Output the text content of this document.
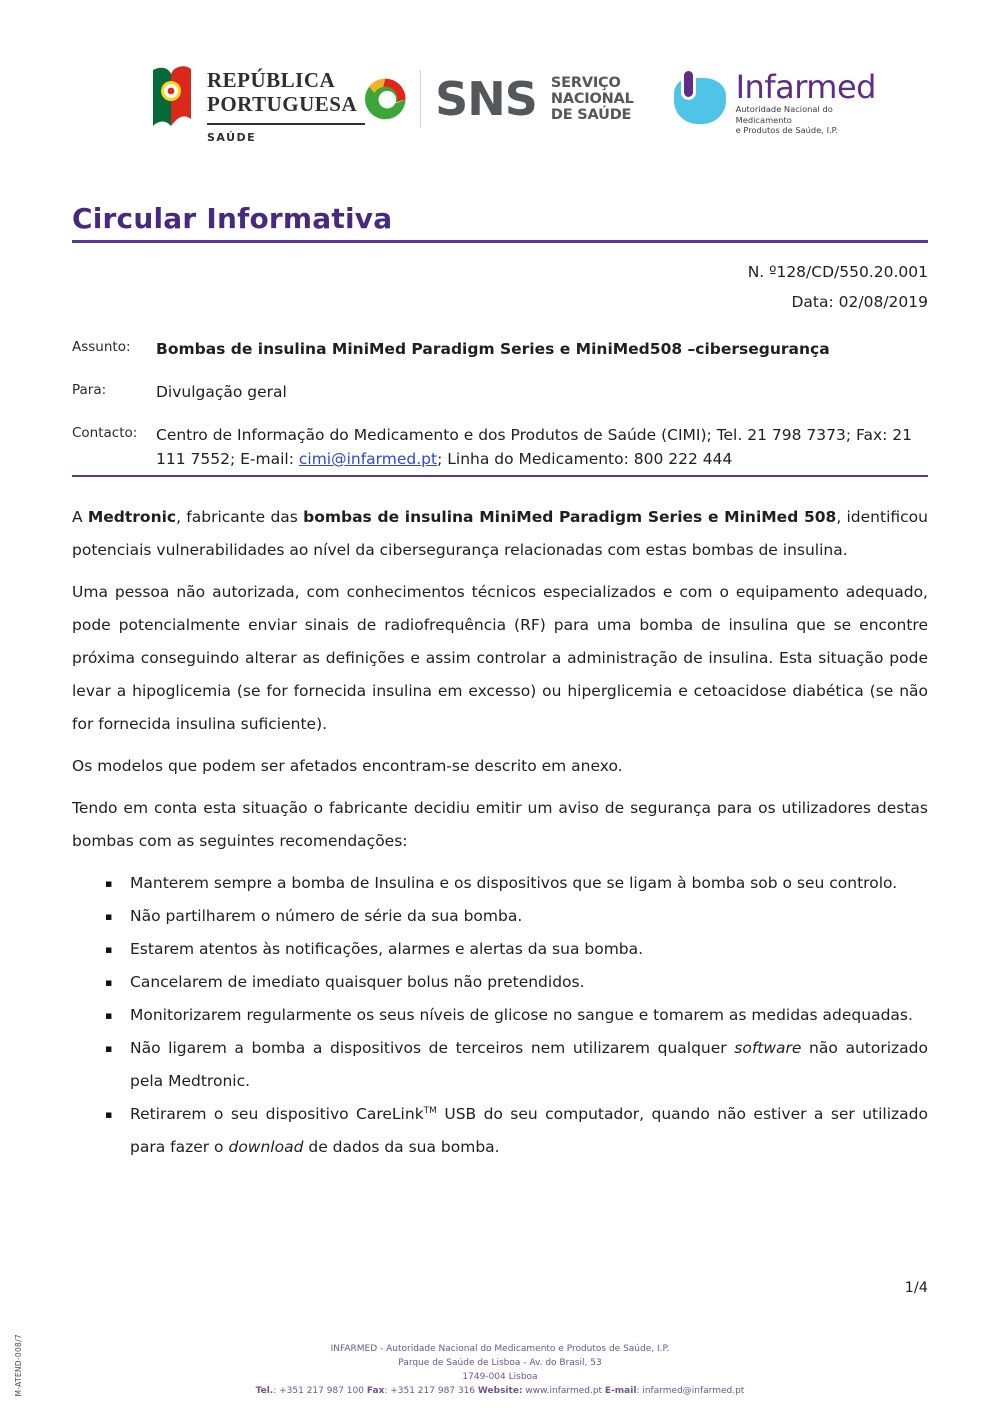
REPÚBLICA
PORTUGUESA
SAÚDE
SNS SERVIÇO NACIONAL
DE SAÚDE
Infarmed
Autoridade Nacional do Medicamento
e Produtos de Saúde, I.P.
Circular Informativa
N. º128/CD/550.20.001
Data: 02/08/2019
Assunto:	Bombas de insulina MiniMed Paradigm Series e MiniMed508 –cibersegurança
Para:	Divulgação geral
Contacto:	Centro de Informação do Medicamento e dos Produtos de Saúde (CIMI); Tel. 21 798 7373; Fax: 21 111 7552; E-mail: cimi@infarmed.pt; Linha do Medicamento: 800 222 444

A Medtronic, fabricante das bombas de insulina MiniMed Paradigm Series e MiniMed 508, identificou potenciais vulnerabilidades ao nível da cibersegurança relacionadas com estas bombas de insulina.

Uma pessoa não autorizada, com conhecimentos técnicos especializados e com o equipamento adequado, pode potencialmente enviar sinais de radiofrequência (RF) para uma bomba de insulina que se encontre próxima conseguindo alterar as definições e assim controlar a administração de insulina. Esta situação pode levar a hipoglicemia (se for fornecida insulina em excesso) ou hiperglicemia e cetoacidose diabética (se não for fornecida insulina suficiente).

Os modelos que podem ser afetados encontram-se descrito em anexo.

Tendo em conta esta situação o fabricante decidiu emitir um aviso de segurança para os utilizadores destas bombas com as seguintes recomendações:

▪ Manterem sempre a bomba de Insulina e os dispositivos que se ligam à bomba sob o seu controlo.
▪ Não partilharem o número de série da sua bomba.
▪ Estarem atentos às notificações, alarmes e alertas da sua bomba.
▪ Cancelarem de imediato quaisquer bolus não pretendidos.
▪ Monitorizarem regularmente os seus níveis de glicose no sangue e tomarem as medidas adequadas.
▪ Não ligarem a bomba a dispositivos de terceiros nem utilizarem qualquer software não autorizado pela Medtronic.
▪ Retirarem o seu dispositivo CareLink™ USB do seu computador, quando não estiver a ser utilizado para fazer o download de dados da sua bomba.
1/4
INFARMED - Autoridade Nacional do Medicamento e Produtos de Saúde, I.P.
Parque de Saúde de Lisboa - Av. do Brasil, 53
1749-004 Lisboa
Tel.: +351 217 987 100 Fax: +351 217 987 316 Website: www.infarmed.pt E-mail: infarmed@infarmed.pt
M-ATEND-008/7
